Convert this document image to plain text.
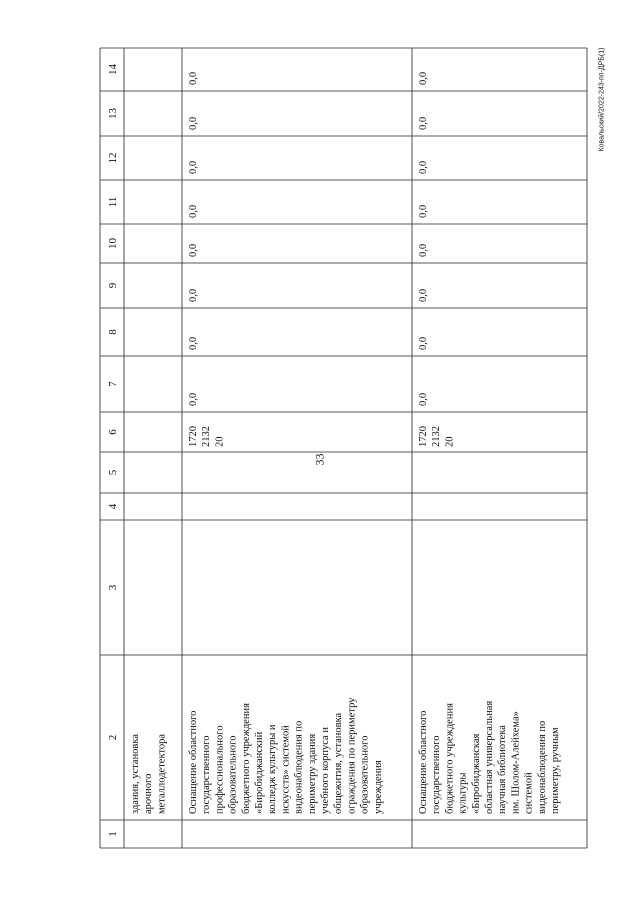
33
Ковальский/2022-243-пп-ДРБ(1)
1
2
3
4
5
6
7
8
9
10
11
12
13
14
здания, установка арочного металлодетектора Оснащение областного государственного профессионального образовательного бюджетного учреждения «Биробиджанский колледж культуры и искусств» системой видеонаблюдения по периметру здания учебного корпуса и общежития, установка ограждения по периметру образовательного учреждения
1720 2132 20
0,0
0,0
0,0
0,0
0,0
0,0
0,0
0,0
Оснащение областного государственного бюджетного учреждения культуры «Биробиджанская областная универсальная научная библиотека им. Шолом-Алейхема» системой видеонаблюдения по периметру, ручным
1720 2132 20
0,0
0,0
0,0
0,0
0,0
0,0
0,0
0,0
